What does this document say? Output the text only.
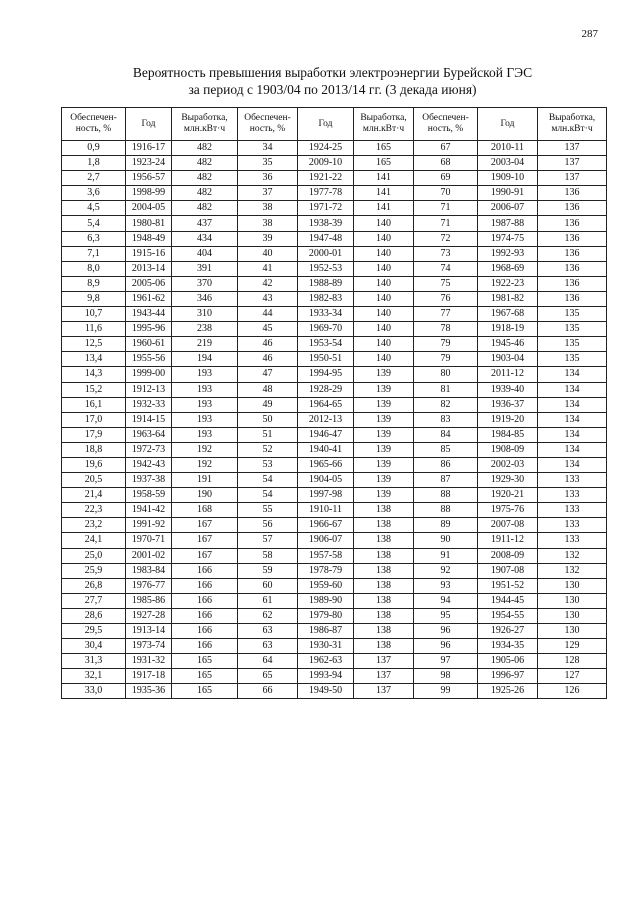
287
Вероятность превышения выработки электроэнергии Бурейской ГЭС
за период с 1903/04 по 2013/14 гг. (3 декада июня)
Обеспечен-ность, %	Год	Выработка, млн.кВт·ч	Обеспечен-ность, %	Год	Выработка, млн.кВт·ч	Обеспечен-ность, %	Год	Выработка, млн.кВт·ч
0,9	1916-17	482	34	1924-25	165	67	2010-11	137
1,8	1923-24	482	35	2009-10	165	68	2003-04	137
2,7	1956-57	482	36	1921-22	141	69	1909-10	137
3,6	1998-99	482	37	1977-78	141	70	1990-91	136
4,5	2004-05	482	38	1971-72	141	71	2006-07	136
5,4	1980-81	437	38	1938-39	140	71	1987-88	136
6,3	1948-49	434	39	1947-48	140	72	1974-75	136
7,1	1915-16	404	40	2000-01	140	73	1992-93	136
8,0	2013-14	391	41	1952-53	140	74	1968-69	136
8,9	2005-06	370	42	1988-89	140	75	1922-23	136
9,8	1961-62	346	43	1982-83	140	76	1981-82	136
10,7	1943-44	310	44	1933-34	140	77	1967-68	135
11,6	1995-96	238	45	1969-70	140	78	1918-19	135
12,5	1960-61	219	46	1953-54	140	79	1945-46	135
13,4	1955-56	194	46	1950-51	140	79	1903-04	135
14,3	1999-00	193	47	1994-95	139	80	2011-12	134
15,2	1912-13	193	48	1928-29	139	81	1939-40	134
16,1	1932-33	193	49	1964-65	139	82	1936-37	134
17,0	1914-15	193	50	2012-13	139	83	1919-20	134
17,9	1963-64	193	51	1946-47	139	84	1984-85	134
18,8	1972-73	192	52	1940-41	139	85	1908-09	134
19,6	1942-43	192	53	1965-66	139	86	2002-03	134
20,5	1937-38	191	54	1904-05	139	87	1929-30	133
21,4	1958-59	190	54	1997-98	139	88	1920-21	133
22,3	1941-42	168	55	1910-11	138	88	1975-76	133
23,2	1991-92	167	56	1966-67	138	89	2007-08	133
24,1	1970-71	167	57	1906-07	138	90	1911-12	133
25,0	2001-02	167	58	1957-58	138	91	2008-09	132
25,9	1983-84	166	59	1978-79	138	92	1907-08	132
26,8	1976-77	166	60	1959-60	138	93	1951-52	130
27,7	1985-86	166	61	1989-90	138	94	1944-45	130
28,6	1927-28	166	62	1979-80	138	95	1954-55	130
29,5	1913-14	166	63	1986-87	138	96	1926-27	130
30,4	1973-74	166	63	1930-31	138	96	1934-35	129
31,3	1931-32	165	64	1962-63	137	97	1905-06	128
32,1	1917-18	165	65	1993-94	137	98	1996-97	127
33,0	1935-36	165	66	1949-50	137	99	1925-26	126
